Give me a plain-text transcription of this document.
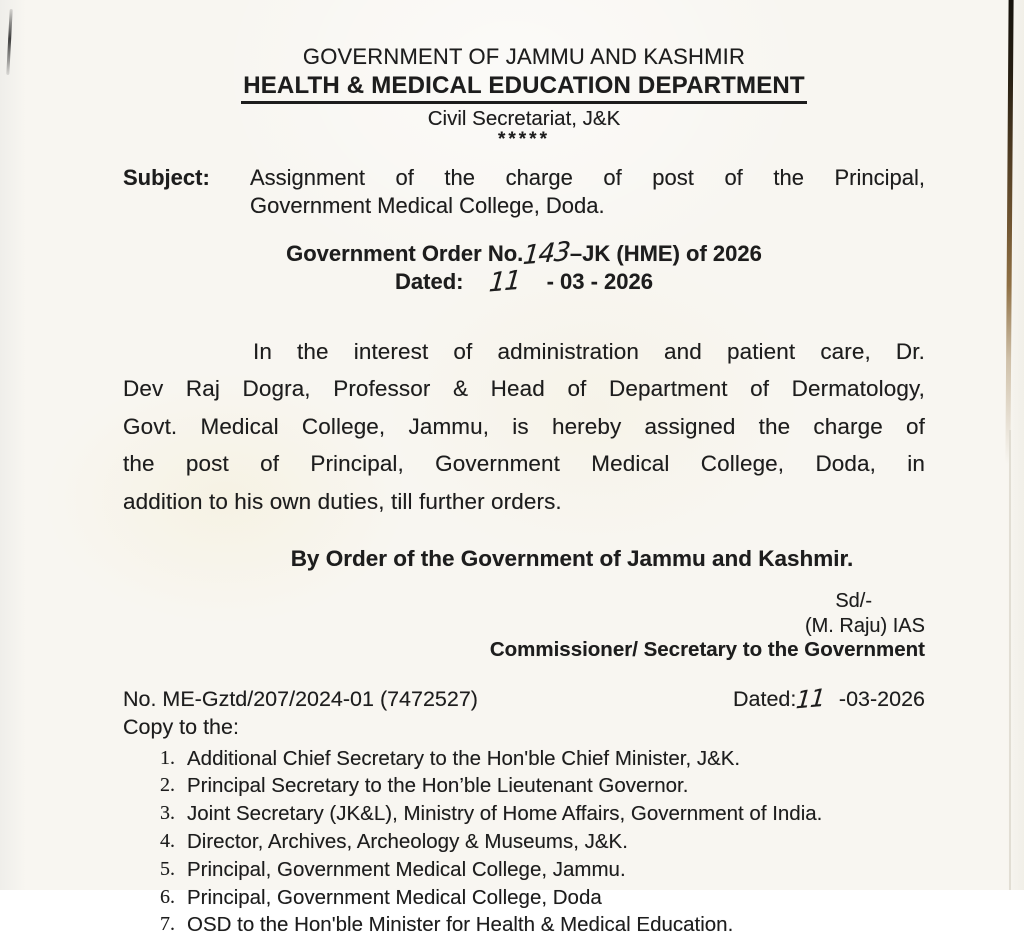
GOVERNMENT OF JAMMU AND KASHMIR
HEALTH & MEDICAL EDUCATION DEPARTMENT
Civil Secretariat, J&K
*****
Subject:	Assignment of the charge of post of the Principal,
Government Medical College, Doda.
Government Order No.143–JK (HME) of 2026
Dated: 11 - 03 - 2026
In the interest of administration and patient care, Dr.
Dev Raj Dogra, Professor & Head of Department of Dermatology,
Govt. Medical College, Jammu, is hereby assigned the charge of
the post of Principal, Government Medical College, Doda, in
addition to his own duties, till further orders.
By Order of the Government of Jammu and Kashmir.
Sd/-
(M. Raju) IAS
Commissioner/ Secretary to the Government
No. ME-Gztd/207/2024-01 (7472527)	Dated:11 -03-2026
Copy to the:
1. Additional Chief Secretary to the Hon'ble Chief Minister, J&K.
2. Principal Secretary to the Hon’ble Lieutenant Governor.
3. Joint Secretary (JK&L), Ministry of Home Affairs, Government of India.
4. Director, Archives, Archeology & Museums, J&K.
5. Principal, Government Medical College, Jammu.
6. Principal, Government Medical College, Doda
7. OSD to the Hon'ble Minister for Health & Medical Education.
